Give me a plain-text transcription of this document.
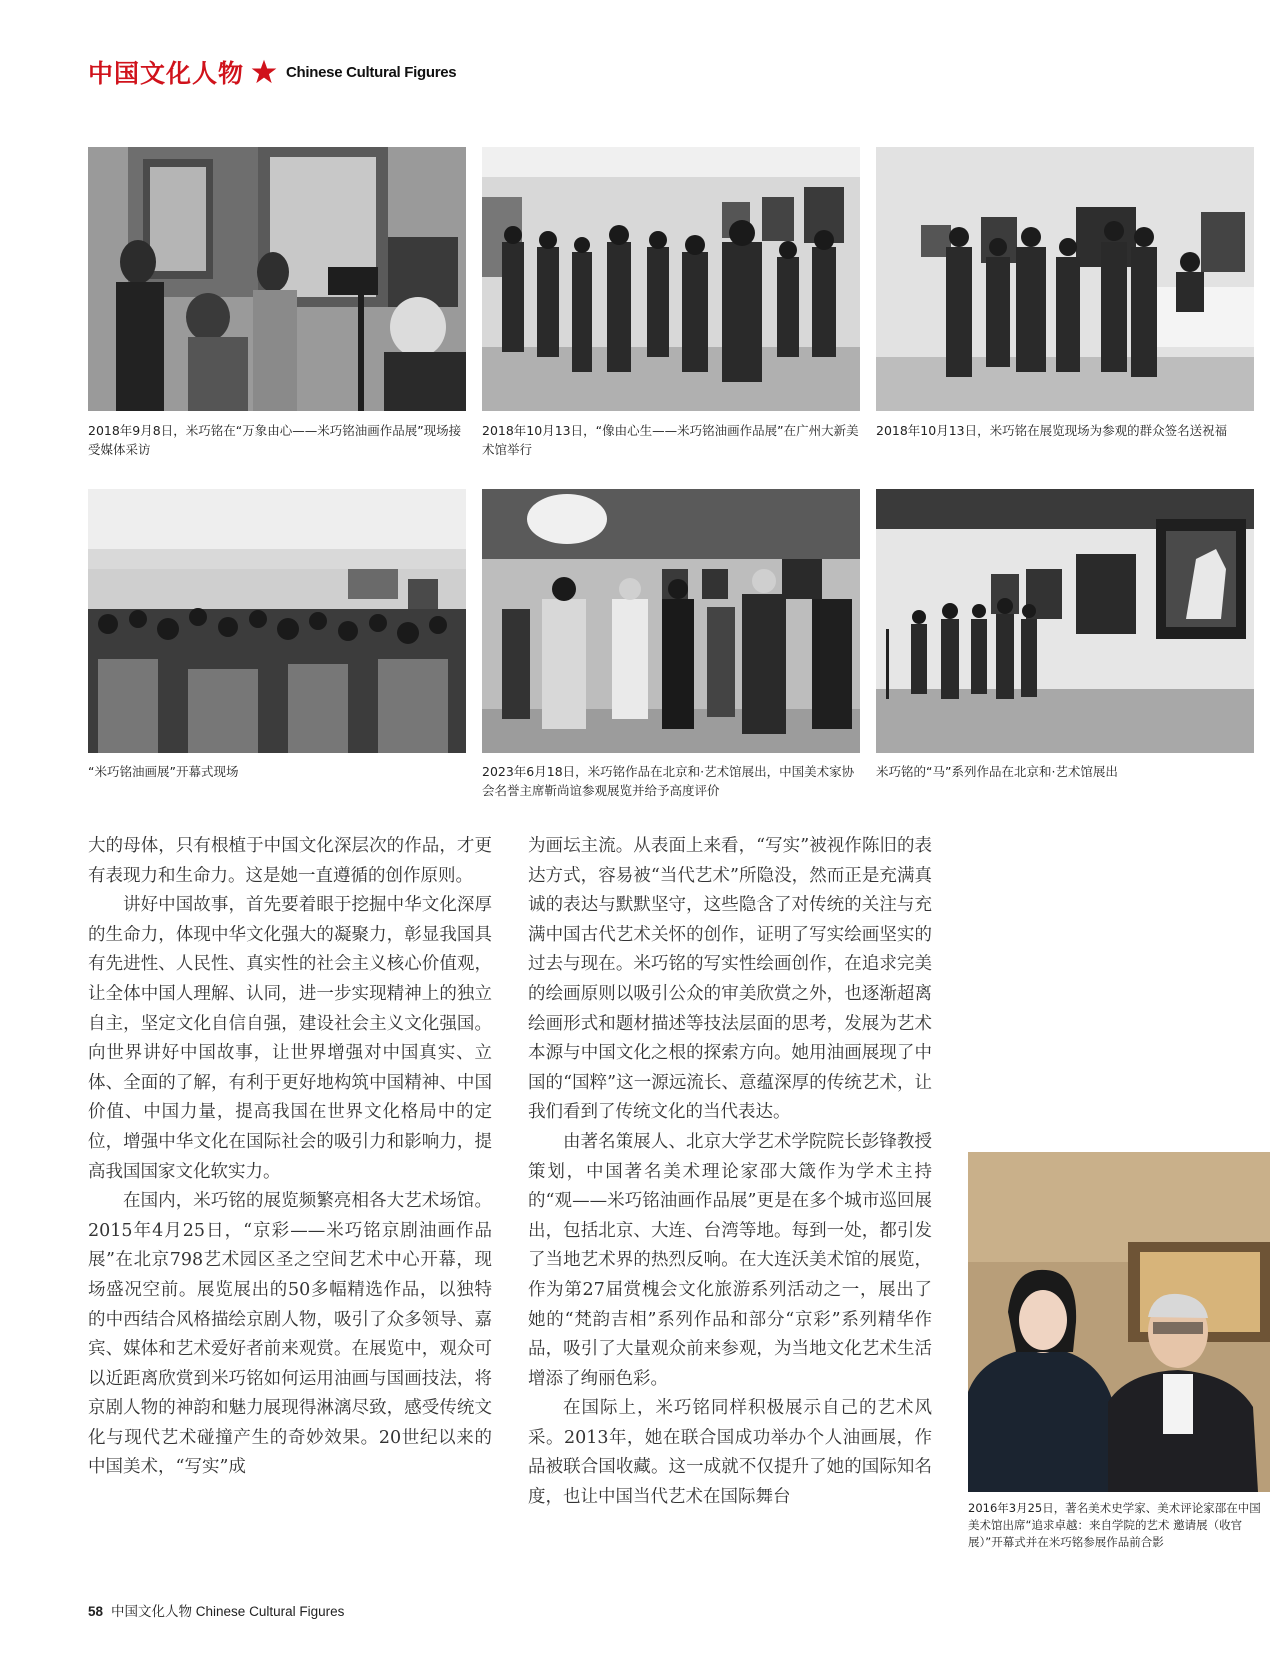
中国文化人物	Chinese Cultural Figures
2018年9月8日，米巧铭在“万象由心——米巧铭油画作品展”现场接受媒体采访
2018年10月13日，“像由心生——米巧铭油画作品展”在广州大新美术馆举行
2018年10月13日，米巧铭在展览现场为参观的群众签名送祝福
“米巧铭油画展”开幕式现场	2023年6月18日，米巧铭作品在北京和·艺术馆展出，中国美术家协会名誉主席靳尚谊参观展览并给予高度评价
米巧铭的“马”系列作品在北京和·艺术馆展出

大的母体，只有根植于中国文化深层次的作品，才更有表现力和生命力。这是她一直遵循的创作原则。

讲好中国故事，首先要着眼于挖掘中华文化深厚的生命力，体现中华文化强大的凝聚力，彰显我国具有先进性、人民性、真实性的社会主义核心价值观，让全体中国人理解、认同，进一步实现精神上的独立自主，坚定文化自信自强，建设社会主义文化强国。向世界讲好中国故事，让世界增强对中国真实、立体、全面的了解，有利于更好地构筑中国精神、中国价值、中国力量，提高我国在世界文化格局中的定位，增强中华文化在国际社会的吸引力和影响力，提高我国国家文化软实力。

在国内，米巧铭的展览频繁亮相各大艺术场馆。2015年4月25日，“京彩——米巧铭京剧油画作品展”在北京798艺术园区圣之空间艺术中心开幕，现场盛况空前。展览展出的50多幅精选作品，以独特的中西结合风格描绘京剧人物，吸引了众多领导、嘉宾、媒体和艺术爱好者前来观赏。在展览中，观众可以近距离欣赏到米巧铭如何运用油画与国画技法，将京剧人物的神韵和魅力展现得淋漓尽致，感受传统文化与现代艺术碰撞产生的奇妙效果。20世纪以来的中国美术，“写实”成

为画坛主流。从表面上来看，“写实”被视作陈旧的表达方式，容易被“当代艺术”所隐没，然而正是充满真诚的表达与默默坚守，这些隐含了对传统的关注与充满中国古代艺术关怀的创作，证明了写实绘画坚实的过去与现在。米巧铭的写实性绘画创作，在追求完美的绘画原则以吸引公众的审美欣赏之外，也逐渐超离绘画形式和题材描述等技法层面的思考，发展为艺术本源与中国文化之根的探索方向。她用油画展现了中国的“国粹”这一源远流长、意蕴深厚的传统艺术，让我们看到了传统文化的当代表达。

由著名策展人、北京大学艺术学院院长彭锋教授策划，中国著名美术理论家邵大箴作为学术主持的“观——米巧铭油画作品展”更是在多个城市巡回展出，包括北京、大连、台湾等地。每到一处，都引发了当地艺术界的热烈反响。在大连沃美术馆的展览，作为第27届赏槐会文化旅游系列活动之一，展出了她的“梵韵吉相”系列作品和部分“京彩”系列精华作品，吸引了大量观众前来参观，为当地文化艺术生活增添了绚丽色彩。

在国际上，米巧铭同样积极展示自己的艺术风采。2013年，她在联合国成功举办个人油画展，作品被联合国收藏。这一成就不仅提升了她的国际知名度，也让中国当代艺术在国际舞台

2016年3月25日，著名美术史学家、美术评论家邵在中国美术馆出席“追求卓越：来自学院的艺术 邀请展（收官展）”开幕式并在米巧铭参展作品前合影
58 中国文化人物 Chinese Cultural Figures
